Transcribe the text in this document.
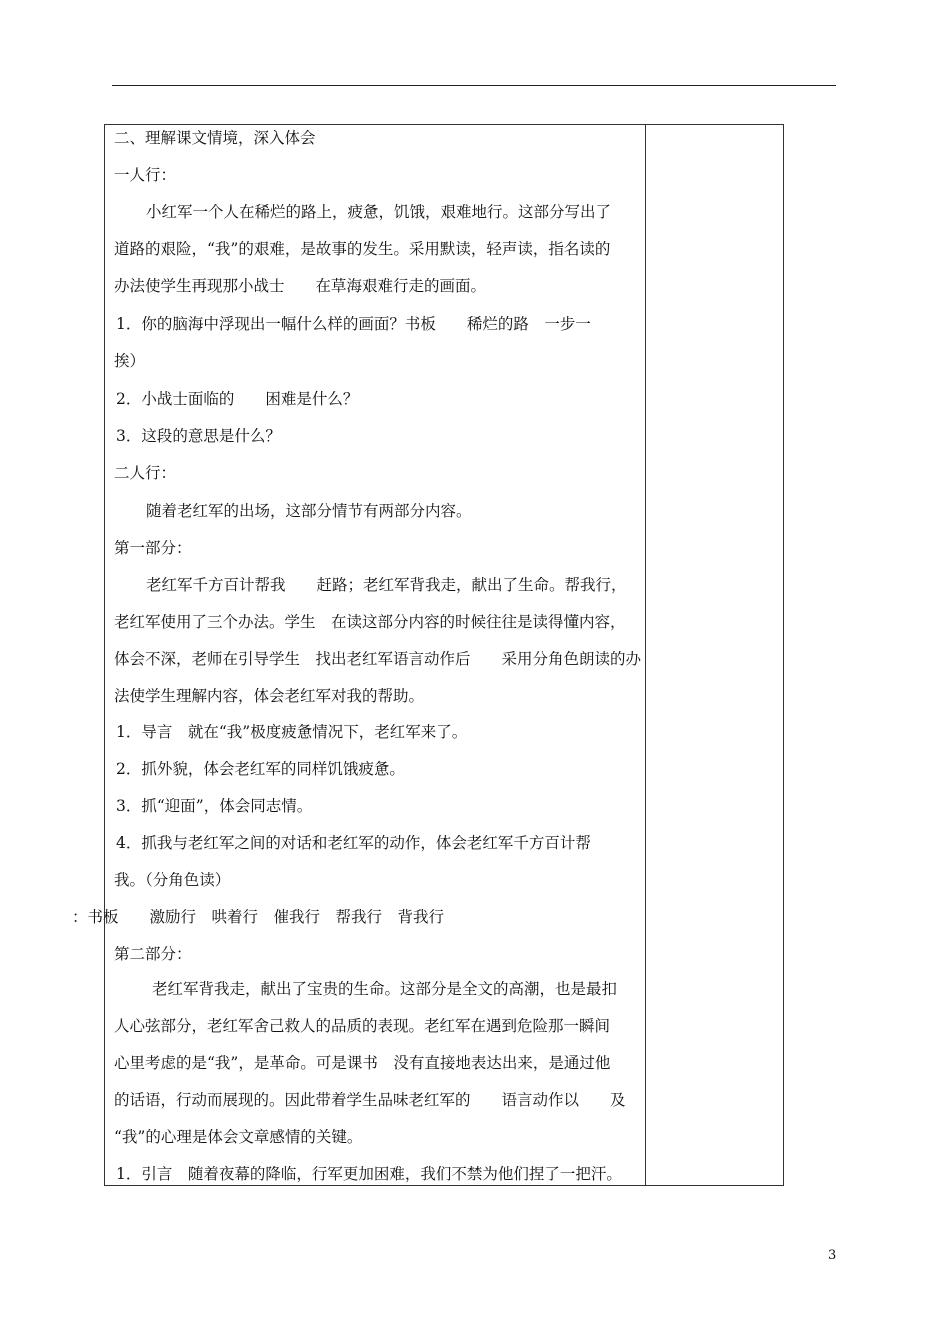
二、理解课文情境，深入体会
一人行：
小红军一个人在稀烂的路上，疲惫，饥饿，艰难地行。这部分写出了
道路的艰险，“我”的艰难，是故事的发生。采用默读，轻声读，指名读的
办法使学生再现那小战士　　在草海艰难行走的画面。
1．你的脑海中浮现出一幅什么样的画面？书板　　稀烂的路　一步一
挨）
2．小战士面临的　　困难是什么？
3．这段的意思是什么？
二人行：
随着老红军的出场，这部分情节有两部分内容。
第一部分：
老红军千方百计帮我　　赶路；老红军背我走，献出了生命。帮我行，
老红军使用了三个办法。学生　在读这部分内容的时候往往是读得懂内容，
体会不深，老师在引导学生　找出老红军语言动作后　　采用分角色朗读的办
法使学生理解内容，体会老红军对我的帮助。
1．导言　就在“我”极度疲惫情况下，老红军来了。
2．抓外貌，体会老红军的同样饥饿疲惫。
3．抓“迎面”，体会同志情。
4．抓我与老红军之间的对话和老红军的动作，体会老红军千方百计帮
我。（分角色读）
：书板　　激励行　哄着行　催我行　帮我行　背我行
第二部分：
老红军背我走，献出了宝贵的生命。这部分是全文的高潮，也是最扣
人心弦部分，老红军舍己救人的品质的表现。老红军在遇到危险那一瞬间
心里考虑的是“我”，是革命。可是课书　没有直接地表达出来，是通过他
的话语，行动而展现的。因此带着学生品味老红军的　　语言动作以　　及
“我”的心理是体会文章感情的关键。
1．引言　随着夜幕的降临，行军更加困难，我们不禁为他们捏了一把汗。
3
